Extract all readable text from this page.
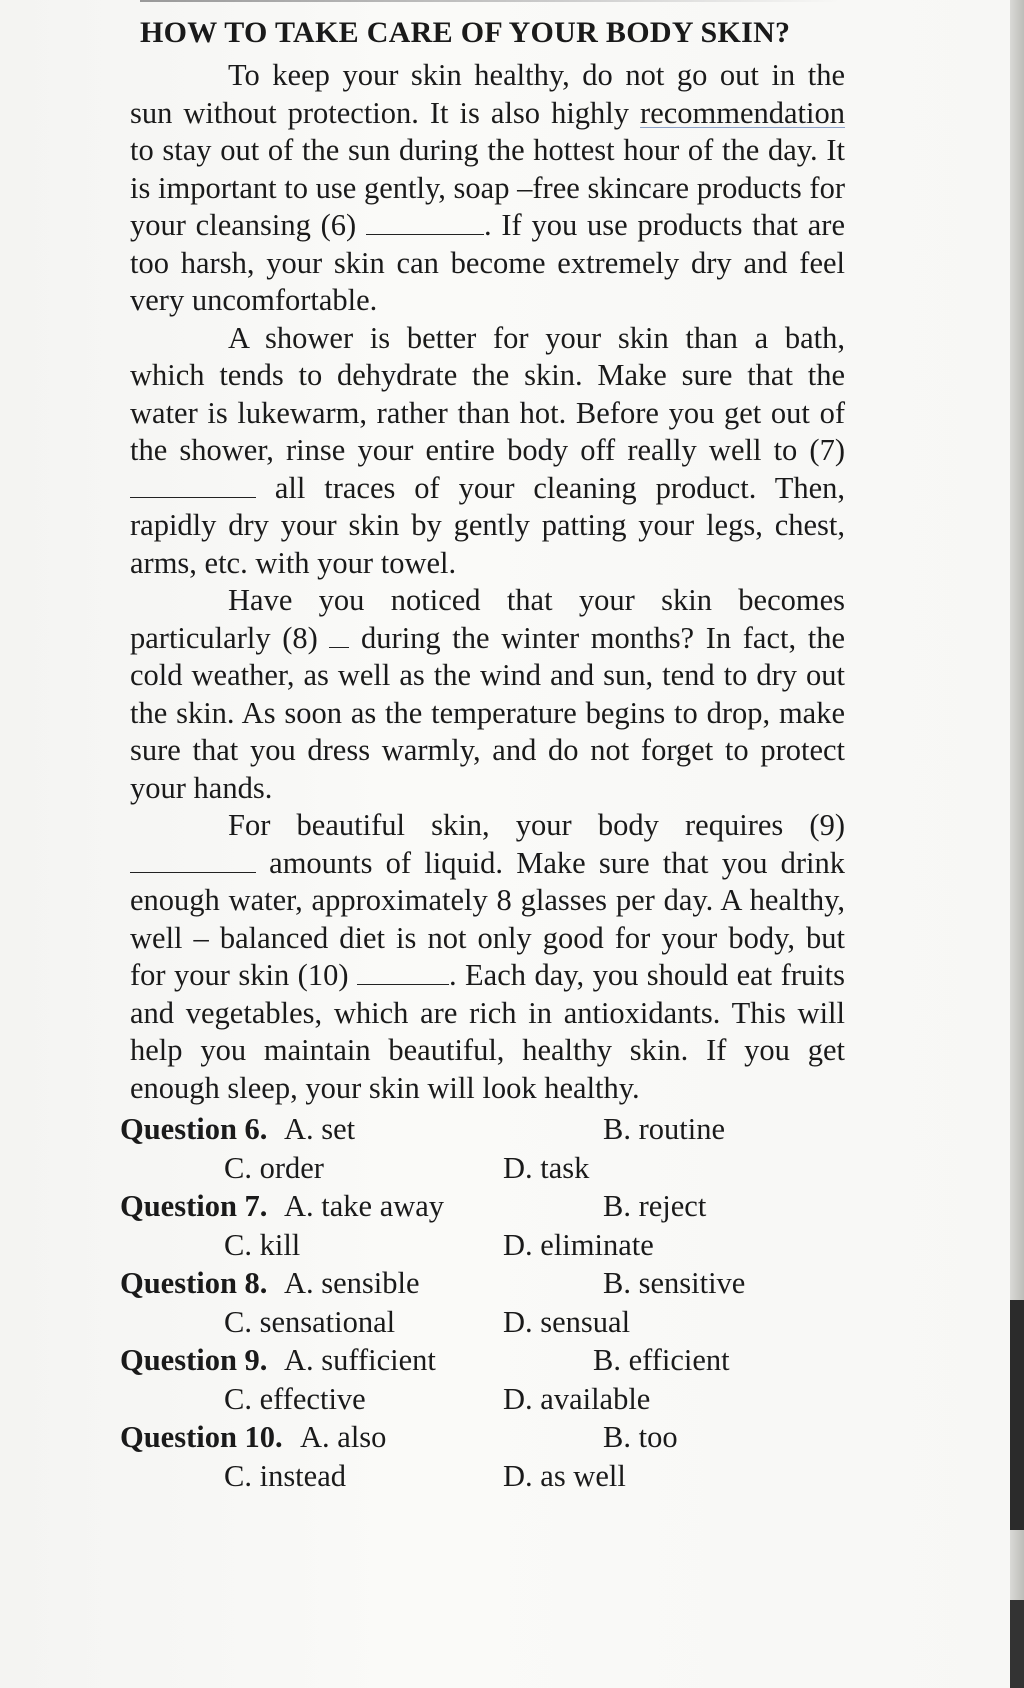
HOW TO TAKE CARE OF YOUR BODY SKIN?

To keep your skin healthy, do not go out in the sun without protection. It is also highly recommendation to stay out of the sun during the hottest hour of the day. It is important to use gently, soap –free skincare products for your cleansing (6)	. If you use products that are too harsh, your skin can become extremely dry and feel very uncomfortable.

A shower is better for your skin than a bath, which tends to dehydrate the skin. Make sure that the water is lukewarm, rather than hot. Before you get out of the shower, rinse your entire body off really well to (7)  all traces of your cleaning product. Then, rapidly dry your skin by gently patting your legs, chest, arms, etc. with your towel.

Have you noticed that your skin becomes particularly (8)  during the winter months? In fact, the cold weather, as well as the wind and sun, tend to dry out the skin. As soon as the temperature begins to drop, make sure that you dress warmly, and do not forget to protect your hands.

For beautiful skin, your body requires (9)  amounts of liquid. Make sure that you drink enough water, approximately 8 glasses per day. A healthy, well – balanced diet is not only good for your body, but for your skin (10)	. Each day, you should eat fruits and vegetables, which are rich in antioxidants. This will help you maintain beautiful, healthy skin. If you get enough sleep, your skin will look healthy.

Question 6. A. set	B. routine
C. order	D. task
Question 7. A. take away	B. reject
C. kill	D. eliminate
Question 8. A. sensible	B. sensitive
C. sensational	D. sensual
Question 9. A. sufficient	B. efficient
C. effective	D. available
Question 10. A. also	B. too
C. instead	D. as well
